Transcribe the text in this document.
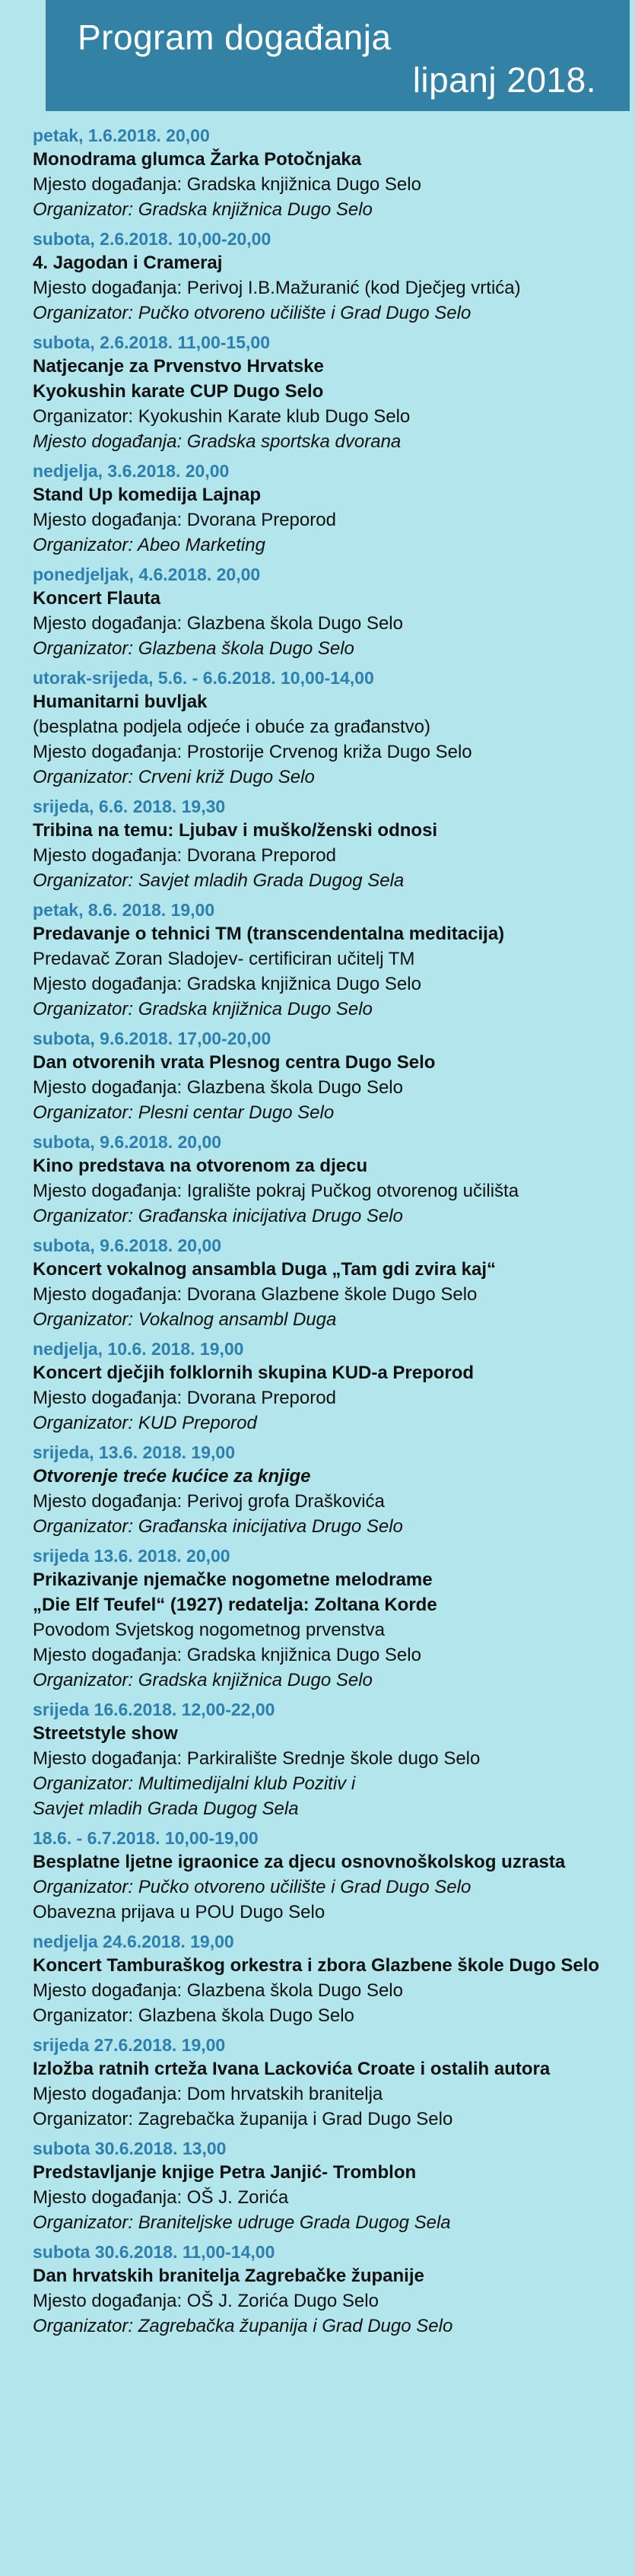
Program događanja
lipanj 2018.
petak, 1.6.2018. 20,00
Monodrama glumca Žarka Potočnjaka
Mjesto događanja: Gradska knjižnica Dugo Selo
Organizator: Gradska knjižnica Dugo Selo
subota, 2.6.2018. 10,00-20,00
4. Jagodan i Crameraj
Mjesto događanja: Perivoj I.B.Mažuranić (kod Dječjeg vrtića)
Organizator: Pučko otvoreno učilište i Grad Dugo Selo
subota, 2.6.2018. 11,00-15,00
Natjecanje za Prvenstvo Hrvatske
Kyokushin karate CUP Dugo Selo
Organizator: Kyokushin Karate klub Dugo Selo
Mjesto događanja: Gradska sportska dvorana
nedjelja, 3.6.2018. 20,00
Stand Up komedija Lajnap
Mjesto događanja: Dvorana Preporod
Organizator: Abeo Marketing
ponedjeljak, 4.6.2018. 20,00
Koncert Flauta
Mjesto događanja: Glazbena škola Dugo Selo
Organizator: Glazbena škola Dugo Selo
utorak-srijeda, 5.6. - 6.6.2018. 10,00-14,00
Humanitarni buvljak
(besplatna podjela odjeće i obuće za građanstvo)
Mjesto događanja: Prostorije Crvenog križa Dugo Selo
Organizator: Crveni križ Dugo Selo
srijeda, 6.6. 2018. 19,30
Tribina na temu: Ljubav i muško/ženski odnosi
Mjesto događanja: Dvorana Preporod
Organizator: Savjet mladih Grada Dugog Sela
petak, 8.6. 2018. 19,00
Predavanje o tehnici TM (transcendentalna meditacija)
Predavač Zoran Sladojev- certificiran učitelj TM
Mjesto događanja: Gradska knjižnica Dugo Selo
Organizator: Gradska knjižnica Dugo Selo
subota, 9.6.2018. 17,00-20,00
Dan otvorenih vrata Plesnog centra Dugo Selo
Mjesto događanja: Glazbena škola Dugo Selo
Organizator: Plesni centar Dugo Selo
subota, 9.6.2018. 20,00
Kino predstava na otvorenom za djecu
Mjesto događanja: Igralište pokraj Pučkog otvorenog učilišta
Organizator: Građanska inicijativa Drugo Selo
subota, 9.6.2018. 20,00
Koncert vokalnog ansambla Duga „Tam gdi zvira kaj“
Mjesto događanja: Dvorana Glazbene škole Dugo Selo
Organizator: Vokalnog ansambl Duga
nedjelja, 10.6. 2018. 19,00
Koncert dječjih folklornih skupina KUD-a Preporod
Mjesto događanja: Dvorana Preporod
Organizator: KUD Preporod
srijeda, 13.6. 2018. 19,00
Otvorenje treće kućice za knjige
Mjesto događanja: Perivoj grofa Draškovića
Organizator: Građanska inicijativa Drugo Selo
srijeda 13.6. 2018. 20,00
Prikazivanje njemačke nogometne melodrame
„Die Elf Teufel“ (1927) redatelja: Zoltana Korde
Povodom Svjetskog nogometnog prvenstva
Mjesto događanja: Gradska knjižnica Dugo Selo
Organizator: Gradska knjižnica Dugo Selo
srijeda 16.6.2018. 12,00-22,00
Streetstyle show
Mjesto događanja: Parkiralište Srednje škole dugo Selo
Organizator: Multimedijalni klub Pozitiv i
Savjet mladih Grada Dugog Sela
18.6. - 6.7.2018. 10,00-19,00
Besplatne ljetne igraonice za djecu osnovnoškolskog uzrasta
Organizator: Pučko otvoreno učilište i Grad Dugo Selo
Obavezna prijava u POU Dugo Selo
nedjelja 24.6.2018. 19,00
Koncert Tamburaškog orkestra i zbora Glazbene škole Dugo Selo
Mjesto događanja: Glazbena škola Dugo Selo
Organizator: Glazbena škola Dugo Selo
srijeda 27.6.2018. 19,00
Izložba ratnih crteža Ivana Lackovića Croate i ostalih autora
Mjesto događanja: Dom hrvatskih branitelja
Organizator: Zagrebačka županija i Grad Dugo Selo
subota 30.6.2018. 13,00
Predstavljanje knjige Petra Janjić- Tromblon
Mjesto događanja: OŠ J. Zorića
Organizator: Braniteljske udruge Grada Dugog Sela
subota 30.6.2018. 11,00-14,00
Dan hrvatskih branitelja Zagrebačke županije
Mjesto događanja: OŠ J. Zorića Dugo Selo
Organizator: Zagrebačka županija i Grad Dugo Selo
